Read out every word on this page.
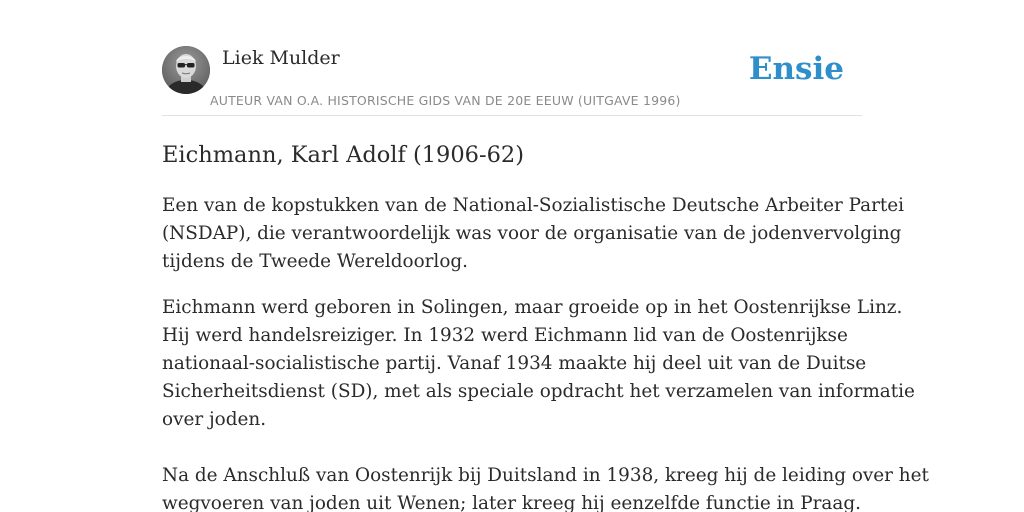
Liek Mulder
AUTEUR VAN O.A. HISTORISCHE GIDS VAN DE 20E EEUW (UITGAVE 1996)
Ensie
Eichmann, Karl Adolf (1906-62)

Een van de kopstukken van de National-Sozialistische Deutsche Arbeiter Partei
(NSDAP), die verantwoordelijk was voor de organisatie van de jodenvervolging
tijdens de Tweede Wereldoorlog.

Eichmann werd geboren in Solingen, maar groeide op in het Oostenrijkse Linz.
Hij werd handelsreiziger. In 1932 werd Eichmann lid van de Oostenrijkse
nationaal-socialistische partij. Vanaf 1934 maakte hij deel uit van de Duitse
Sicherheitsdienst (SD), met als speciale opdracht het verzamelen van informatie
over joden.

Na de Anschluß van Oostenrijk bij Duitsland in 1938, kreeg hij de leiding over het
wegvoeren van joden uit Wenen; later kreeg hij eenzelfde functie in Praag.
